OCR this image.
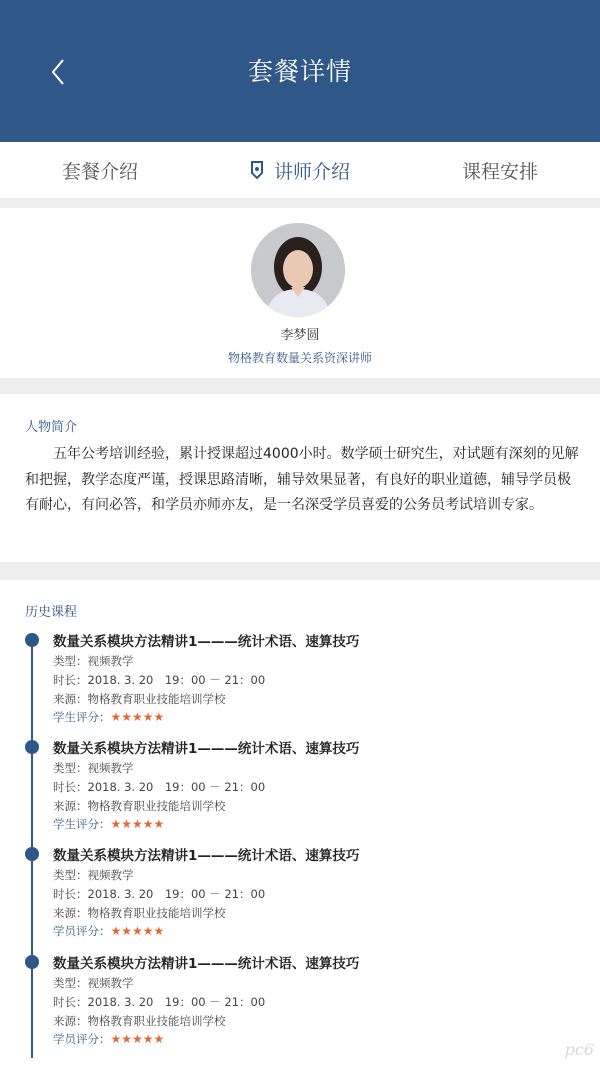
套餐详情
套餐介绍	讲师介绍	课程安排
李梦圆
物格教育数量关系资深讲师
人物简介
五年公考培训经验，累计授课超过4000小时。数学硕士研究生，对试题有深刻的见解和把握，教学态度严谨，授课思路清晰，辅导效果显著，有良好的职业道德，辅导学员极有耐心，有问必答，和学员亦师亦友，是一名深受学员喜爱的公务员考试培训专家。
历史课程
数量关系模块方法精讲1———统计术语、速算技巧
类型：视频教学
时长：2018. 3. 20　19：00 － 21：00
来源：物格教育职业技能培训学校
学生评分：★★★★★
数量关系模块方法精讲1———统计术语、速算技巧
类型：视频教学
时长：2018. 3. 20　19：00 － 21：00
来源：物格教育职业技能培训学校
学生评分：★★★★★
数量关系模块方法精讲1———统计术语、速算技巧
类型：视频教学
时长：2018. 3. 20　19：00 － 21：00
来源：物格教育职业技能培训学校
学员评分：★★★★★
数量关系模块方法精讲1———统计术语、速算技巧
类型：视频教学
时长：2018. 3. 20　19：00 － 21：00
来源：物格教育职业技能培训学校
学员评分：★★★★★
pc6
